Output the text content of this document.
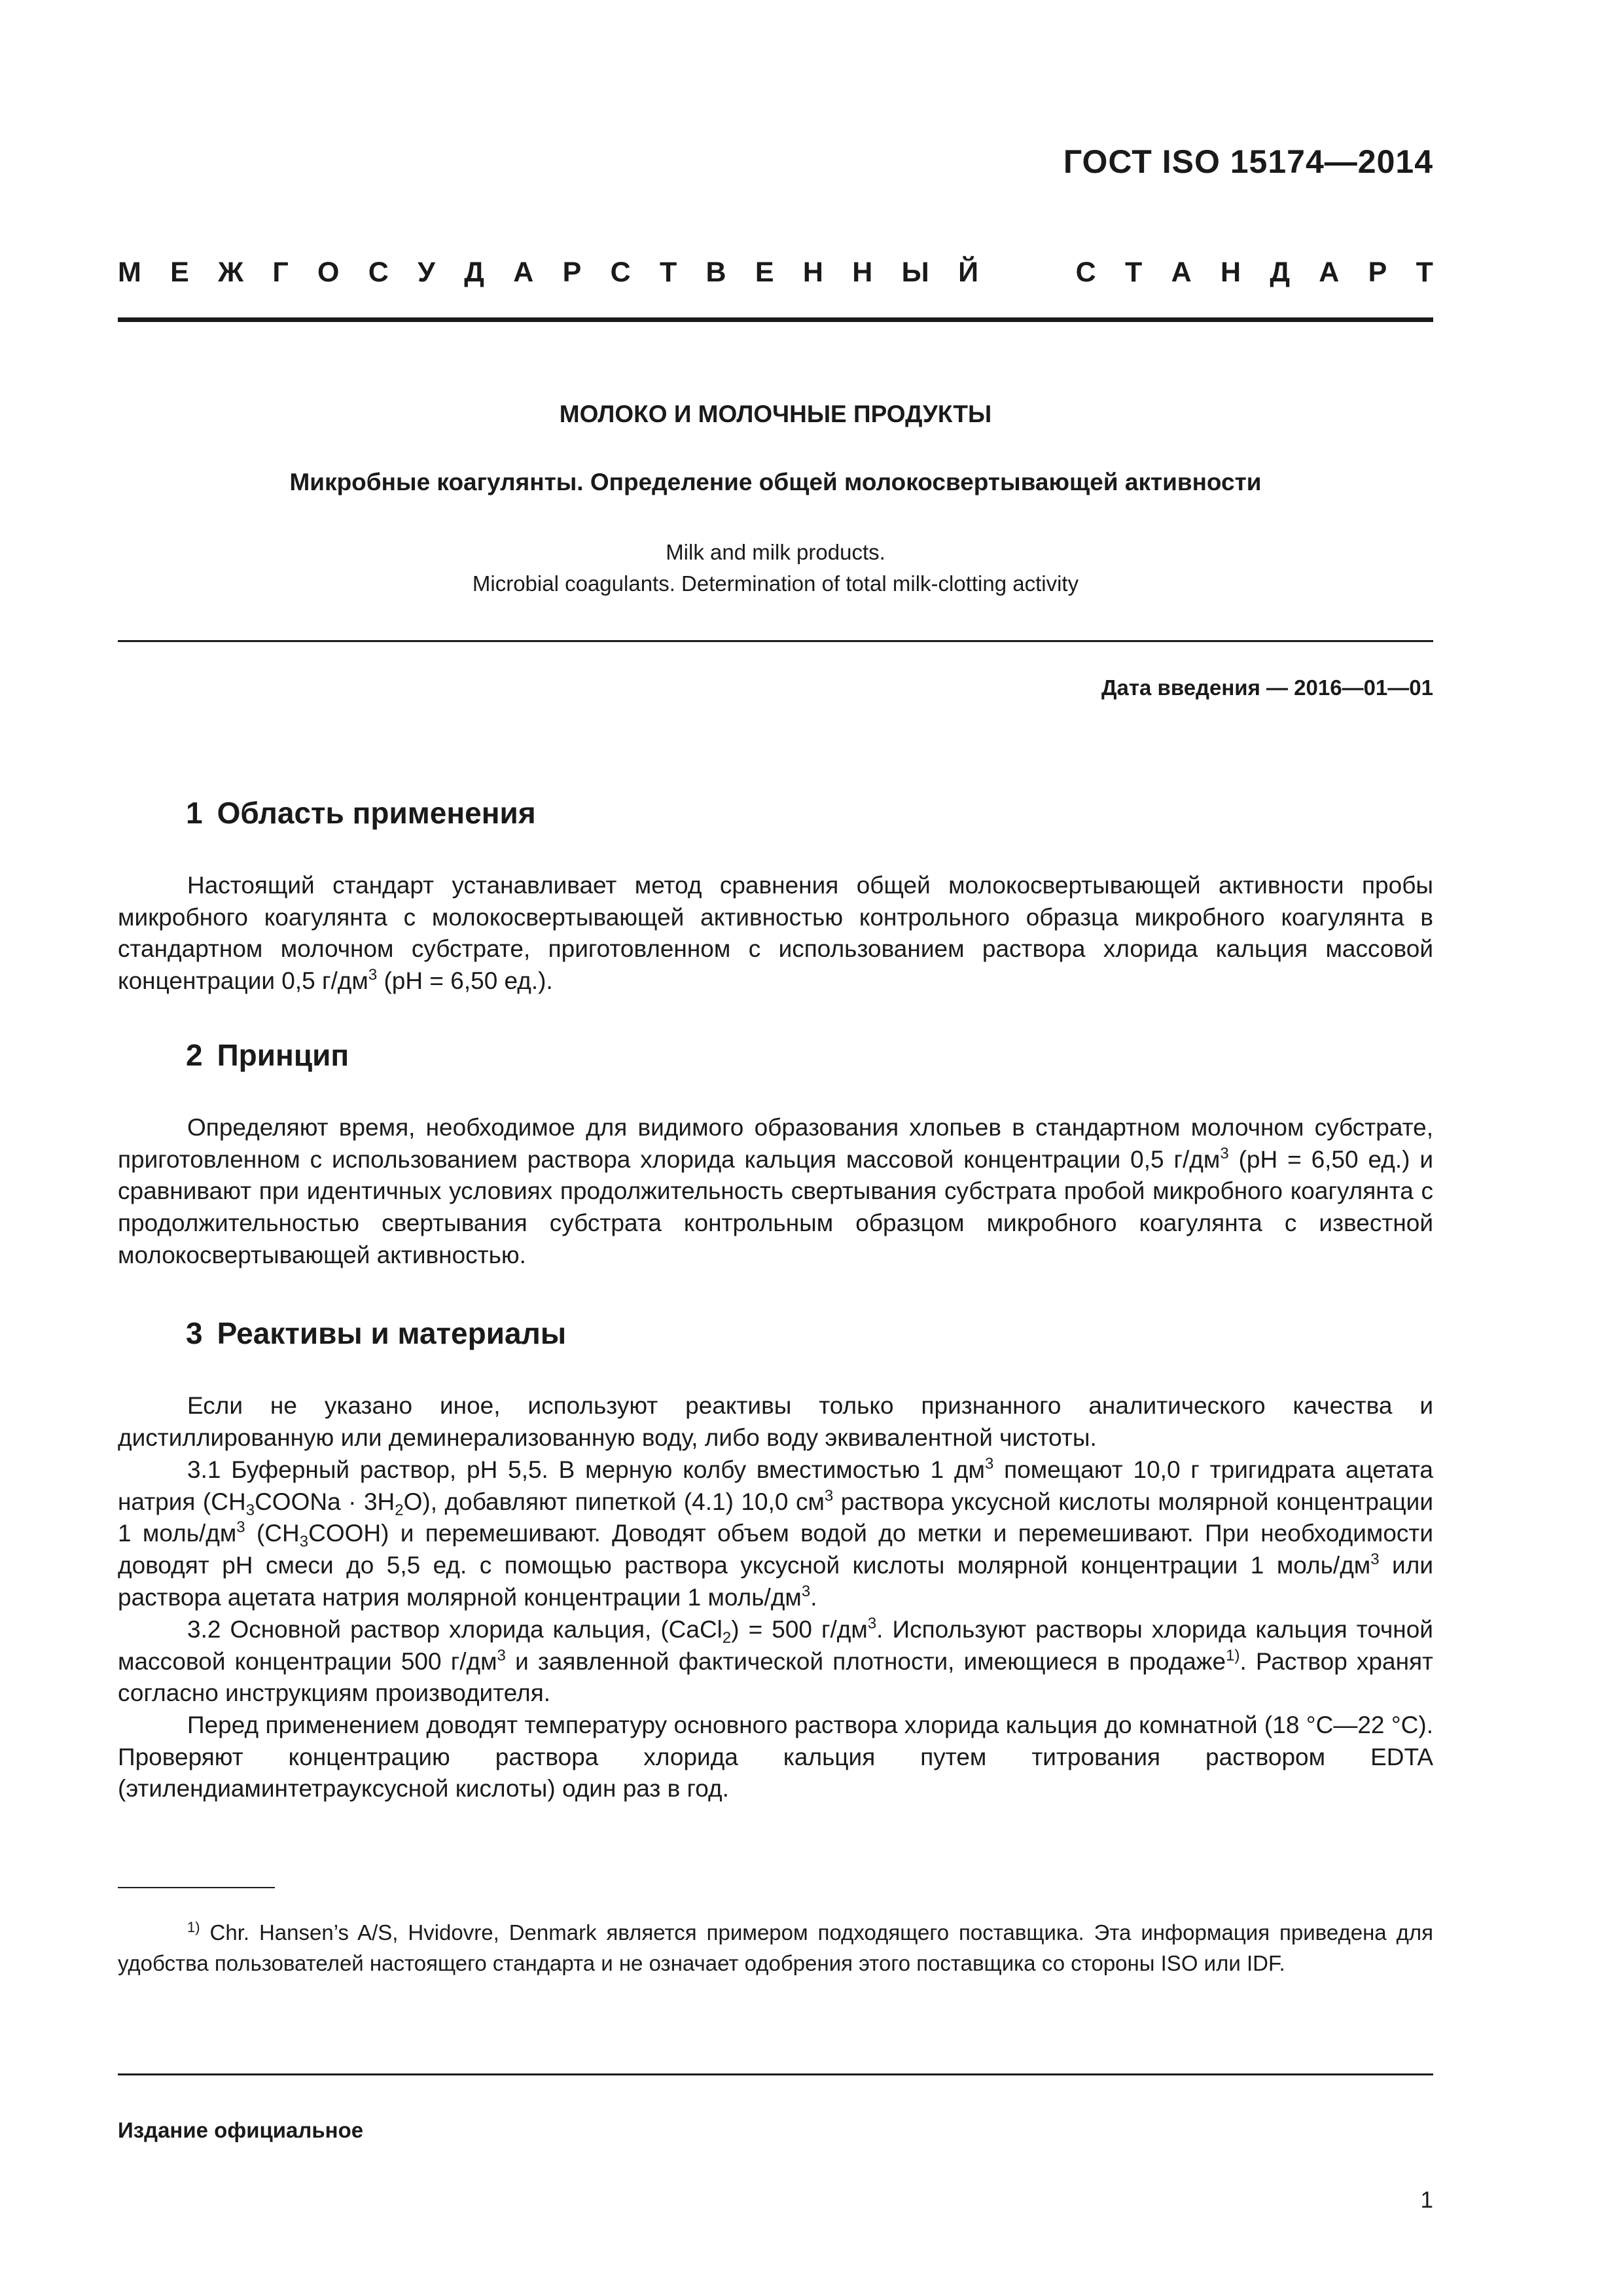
ГОСТ ISO 15174—2014
М Е Ж Г О С У Д А Р С Т В Е Н Н Ы Й	С Т А Н Д А Р Т
МОЛОКО И МОЛОЧНЫЕ ПРОДУКТЫ
Микробные коагулянты. Определение общей молокосвертывающей активности
Milk and milk products.
Microbial coagulants. Determination of total milk-clotting activity
Дата введения — 2016—01—01
1 Область применения

Настоящий стандарт устанавливает метод сравнения общей молокосвертывающей активности пробы микробного коагулянта с молокосвертывающей активностью контрольного образца микробного коагулянта в стандартном молочном субстрате, приготовленном с использованием раствора хлорида кальция массовой концентрации 0,5 $г/дм^3$ (pH = 6,50 ед.).

2 Принцип

Определяют время, необходимое для видимого образования хлопьев в стандартном молочном субстрате, приготовленном с использованием раствора хлорида кальция массовой концентрации 0,5 $г/дм^3$ (pH = 6,50 ед.) и сравнивают при идентичных условиях продолжительность свертывания субстрата пробой микробного коагулянта с продолжительностью свертывания субстрата контрольным образцом микробного коагулянта с известной молокосвертывающей активностью.

3 Реактивы и материалы

Если не указано иное, используют реактивы только признанного аналитического качества и дистиллированную или деминерализованную воду, либо воду эквивалентной чистоты.

3.1 Буферный раствор, pH 5,5. В мерную колбу вместимостью 1 $дм^3$ помещают 10,0 г тригидрата ацетата натрия $(CH_3COONa \cdot 3H_2O)$, добавляют пипеткой (4.1) 10,0 $см^3$ раствора уксусной кислоты молярной концентрации 1 моль/$дм^3$ $(CH_3COOH)$ и перемешивают. Доводят объем водой до метки и перемешивают. При необходимости доводят pH смеси до 5,5 ед. с помощью раствора уксусной кислоты молярной концентрации 1 моль/$дм^3$ или раствора ацетата натрия молярной концентрации 1 моль/$дм^3$.

3.2 Основной раствор хлорида кальция, (CaCl$_2$) = 500 $г/дм^3$. Используют растворы хлорида кальция точной массовой концентрации 500 $г/дм^3$ и заявленной фактической плотности, имеющиеся в продаже$^{1)}$. Раствор хранят согласно инструкциям производителя.

Перед применением доводят температуру основного раствора хлорида кальция до комнатной (18 °С—22 °С). Проверяют концентрацию раствора хлорида кальция путем титрования раствором EDTA (этилендиаминтетрауксусной кислоты) один раз в год.

$^{1)}$ Chr. Hansen’s A/S, Hvidovre, Denmark является примером подходящего поставщика. Эта информация приведена для удобства пользователей настоящего стандарта и не означает одобрения этого поставщика со стороны ISO или IDF.

Издание официальное
1
